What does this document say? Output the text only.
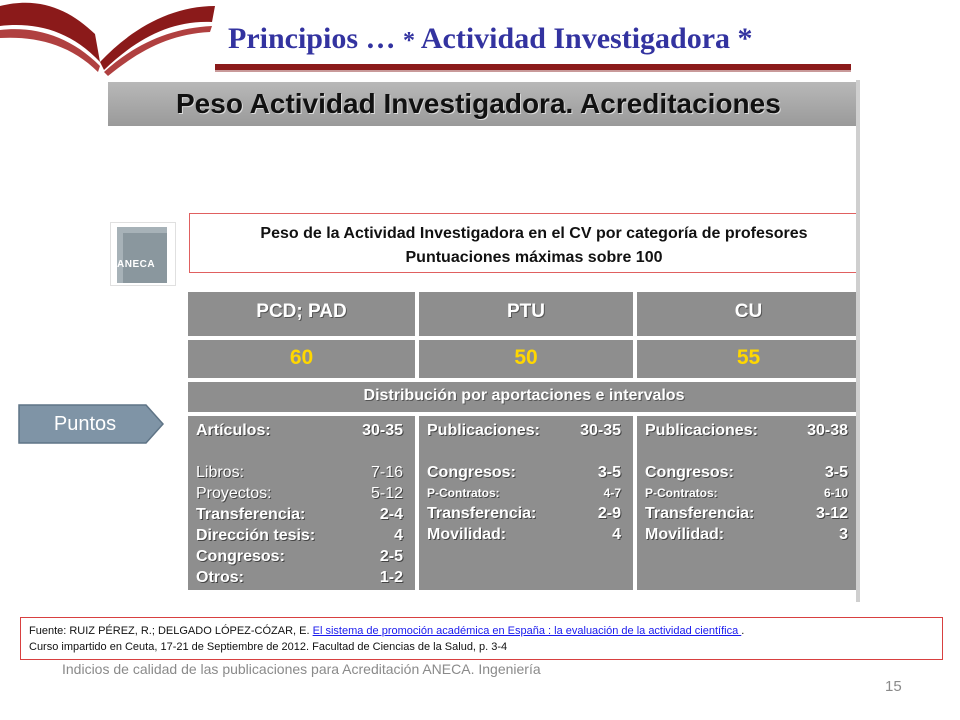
Principios … * Actividad Investigadora *
Peso Actividad Investigadora. Acreditaciones
ANECA
Peso de la Actividad Investigadora en el CV por categoría de profesores
Puntuaciones máximas sobre 100
PCD; PAD	PTU	CU
60	50	55
Distribución por aportaciones e intervalos
Artículos:	30-35
Libros:	7-16
Proyectos:	5-12
Transferencia:	2-4
Dirección tesis:	4
Congresos:	2-5
Otros:	1-2
Publicaciones:	30-35
Congresos:	3-5
P-Contratos:	4-7
Transferencia:	2-9
Movilidad:	4
Publicaciones:	30-38
Congresos:	3-5
P-Contratos:	6-10
Transferencia:	3-12
Movilidad:	3
Puntos
Fuente: RUIZ PÉREZ, R.; DELGADO LÓPEZ-CÓZAR, E. El sistema de promoción académica en España : la evaluación de la actividad científica .
Curso impartido en Ceuta, 17-21 de Septiembre de 2012. Facultad de Ciencias de la Salud, p. 3-4
Indicios de calidad de las publicaciones para Acreditación ANECA. Ingeniería
15
